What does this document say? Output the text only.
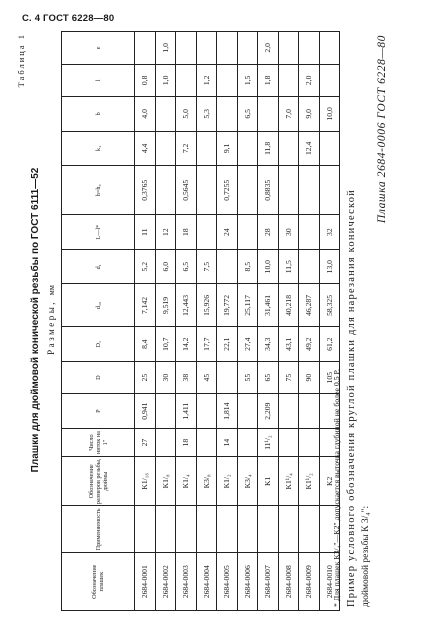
С. 4 ГОСТ 6228—80
Таблица 1
Плашки для дюймовой конической резьбы по ГОСТ 6111—52 Размеры, мм
Обозначение плашек	Применяемость	Обозначение размеров резьбы, дюймы	Число ниток на 1"	P	D	D₁	d₁₆	d₁	L—l*	h=h₀	k₁	b	l	e
2684-0001		K1/₁₆	27	0,941	25	8,4	7,142	5,2	11	0,3765	4,4	4,0	0,8	
2684-0002		K1/₈			30	10,7	9,519	6,0	12				1,0	1,0
2684-0003		K1/₄	18	1,411	38	14,2	12,443	6,5	18	0,5645	7,2	5,0		
2684-0004		K3/₈			45	17,7	15,926	7,5				5,3	1,2	
2684-0005		K1/₂	14	1,814		22,1	19,772		24	0,7255	9,1			
2684-0006		K3/₄			55	27,4	25,117	8,5				6,5	1,5	
2684-0007		K1	11¹/₂	2,209	65	34,3	31,461	10,0	28	0,8835	11,8		1,8	2,0
2684-0008		K1¹/₄			75	43,1	40,218	11,5	30			7,0		
2684-0009		K1¹/₂			90	49,2	46,287				12,4	9,0	2,0	
2684-0010		K2			105	61,2	58,325	13,0	32			10,0		
* Для плашек К3/₄"—К2" допускается выточка глубиной не более 0,5 P. Пример условного обозначения круглой плашки для нарезания конической дюймовой резьбы К 3/₄":
Плашка 2684-0006 ГОСТ 6228—80
